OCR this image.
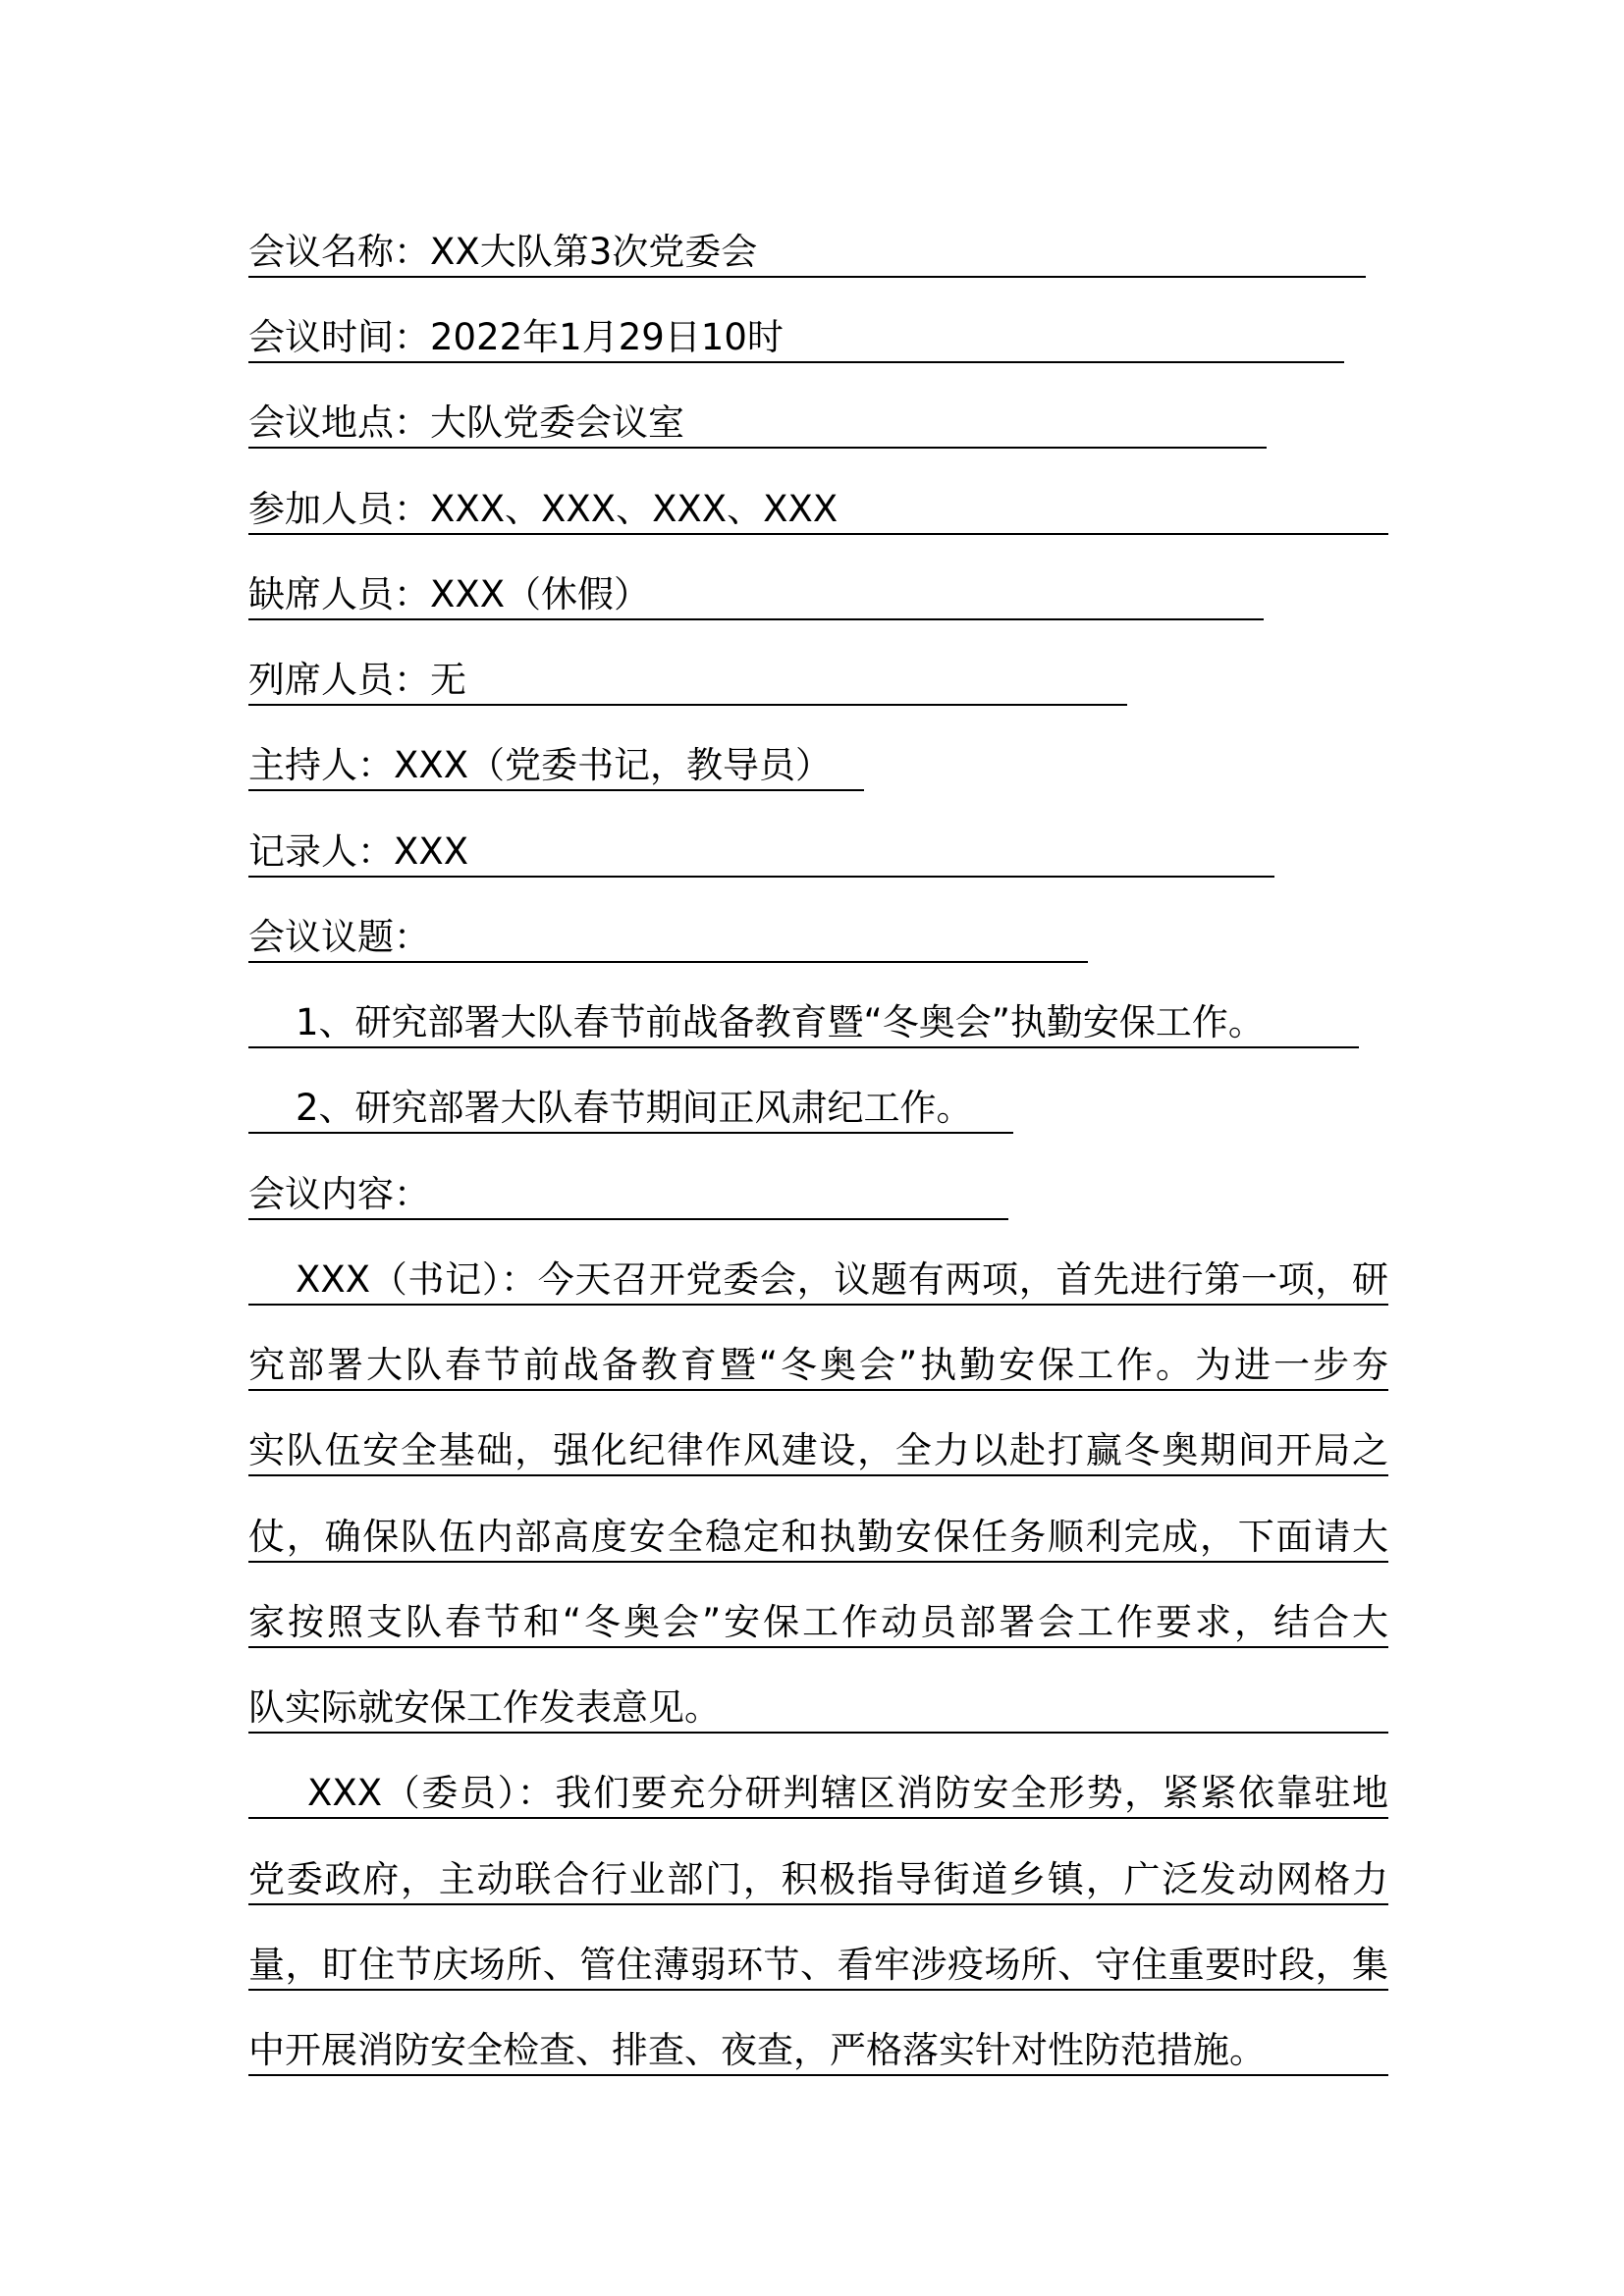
会议名称：XX大队第3次党委会
会议时间：2022年1月29日10时
会议地点：大队党委会议室
参加人员：XXX、XXX、XXX、XXX
缺席人员：XXX（休假）
列席人员：无
主持人：XXX（党委书记，教导员）
记录人：XXX
会议议题：
1、研究部署大队春节前战备教育暨“冬奥会”执勤安保工作。
2、研究部署大队春节期间正风肃纪工作。
会议内容：
XXX（书记）：今天召开党委会，议题有两项，首先进行第一项，研
究部署大队春节前战备教育暨“冬奥会”执勤安保工作。为进一步夯
实队伍安全基础，强化纪律作风建设，全力以赴打赢冬奥期间开局之
仗，确保队伍内部高度安全稳定和执勤安保任务顺利完成，下面请大
家按照支队春节和“冬奥会”安保工作动员部署会工作要求，结合大
队实际就安保工作发表意见。
XXX（委员）：我们要充分研判辖区消防安全形势，紧紧依靠驻地
党委政府，主动联合行业部门，积极指导街道乡镇，广泛发动网格力
量，盯住节庆场所、管住薄弱环节、看牢涉疫场所、守住重要时段，集
中开展消防安全检查、排查、夜查，严格落实针对性防范措施。
